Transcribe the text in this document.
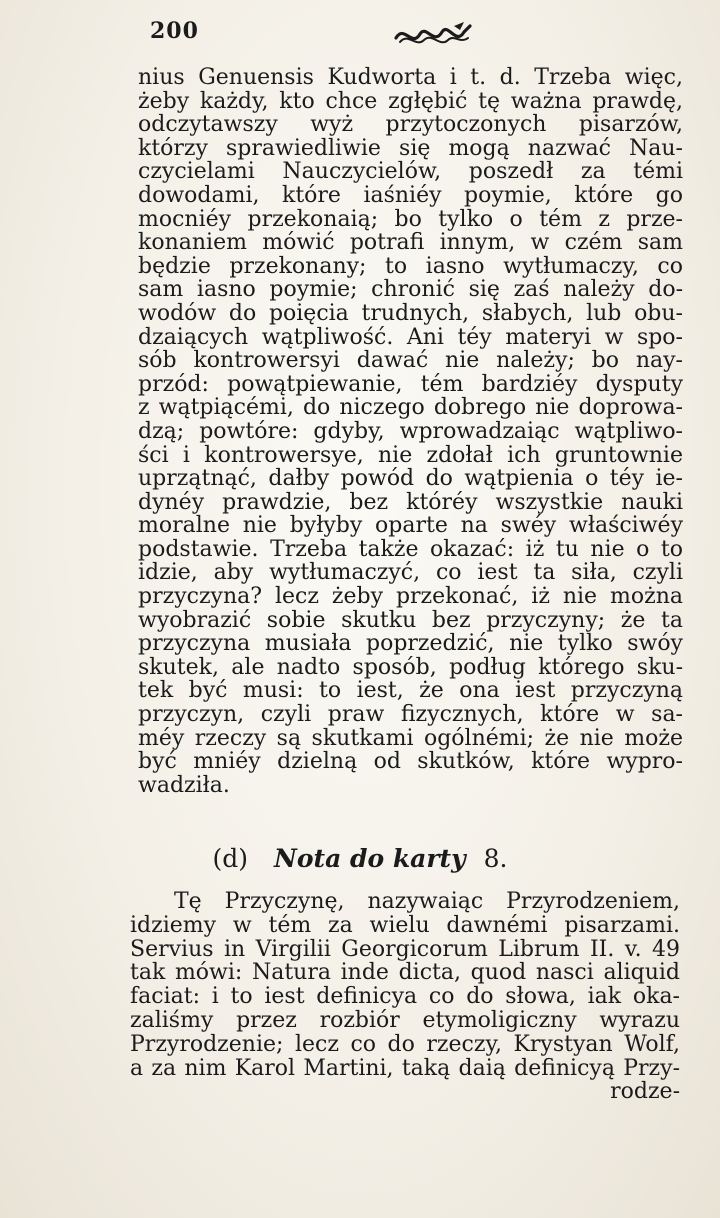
200
nius Genuensis Kudworta i t. d. Trzeba więc,
żeby każdy, kto chce zgłębić tę ważna prawdę,
odczytawszy wyż przytoczonych pisarzów,
którzy sprawiedliwie się mogą nazwać Nau-
czycielami Nauczycielów, poszedł za témi
dowodami, które iaśniéy poymie, które go
mocniéy przekonaią; bo tylko o tém z prze-
konaniem mówić potrafi innym, w czém sam
będzie przekonany; to iasno wytłumaczy, co
sam iasno poymie; chronić się zaś należy do-
wodów do poięcia trudnych, słabych, lub obu-
dzaiących wątpliwość. Ani téy materyi w spo-
sób kontrowersyi dawać nie należy; bo nay-
przód: powątpiewanie, tém bardziéy dysputy
z wątpiącémi, do niczego dobrego nie doprowa-
dzą; powtóre: gdyby, wprowadzaiąc wątpliwo-
ści i kontrowersye, nie zdołał ich gruntownie
uprzątnąć, dałby powód do wątpienia o téy ie-
dynéy prawdzie, bez któréy wszystkie nauki
moralne nie byłyby oparte na swéy właściwéy
podstawie. Trzeba także okazać: iż tu nie o to
idzie, aby wytłumaczyć, co iest ta siła, czyli
przyczyna? lecz żeby przekonać, iż nie można
wyobrazić sobie skutku bez przyczyny; że ta
przyczyna musiała poprzedzić, nie tylko swóy
skutek, ale nadto sposób, podług którego sku-
tek być musi: to iest, że ona iest przyczyną
przyczyn, czyli praw fizycznych, które w sa-
méy rzeczy są skutkami ogólnémi; że nie może
być mniéy dzielną od skutków, które wypro-
wadziła.
(d) Nota do karty 8.
Tę Przyczynę, nazywaiąc Przyrodzeniem,
idziemy w tém za wielu dawnémi pisarzami.
Servius in Virgilii Georgicorum Librum II. v. 49
tak mówi: Natura inde dicta, quod nasci aliquid
faciat: i to iest definicya co do słowa, iak oka-
zaliśmy przez rozbiór etymoligiczny wyrazu
Przyrodzenie; lecz co do rzeczy, Krystyan Wolf,
a za nim Karol Martini, taką daią definicyą Przy-
rodze-
